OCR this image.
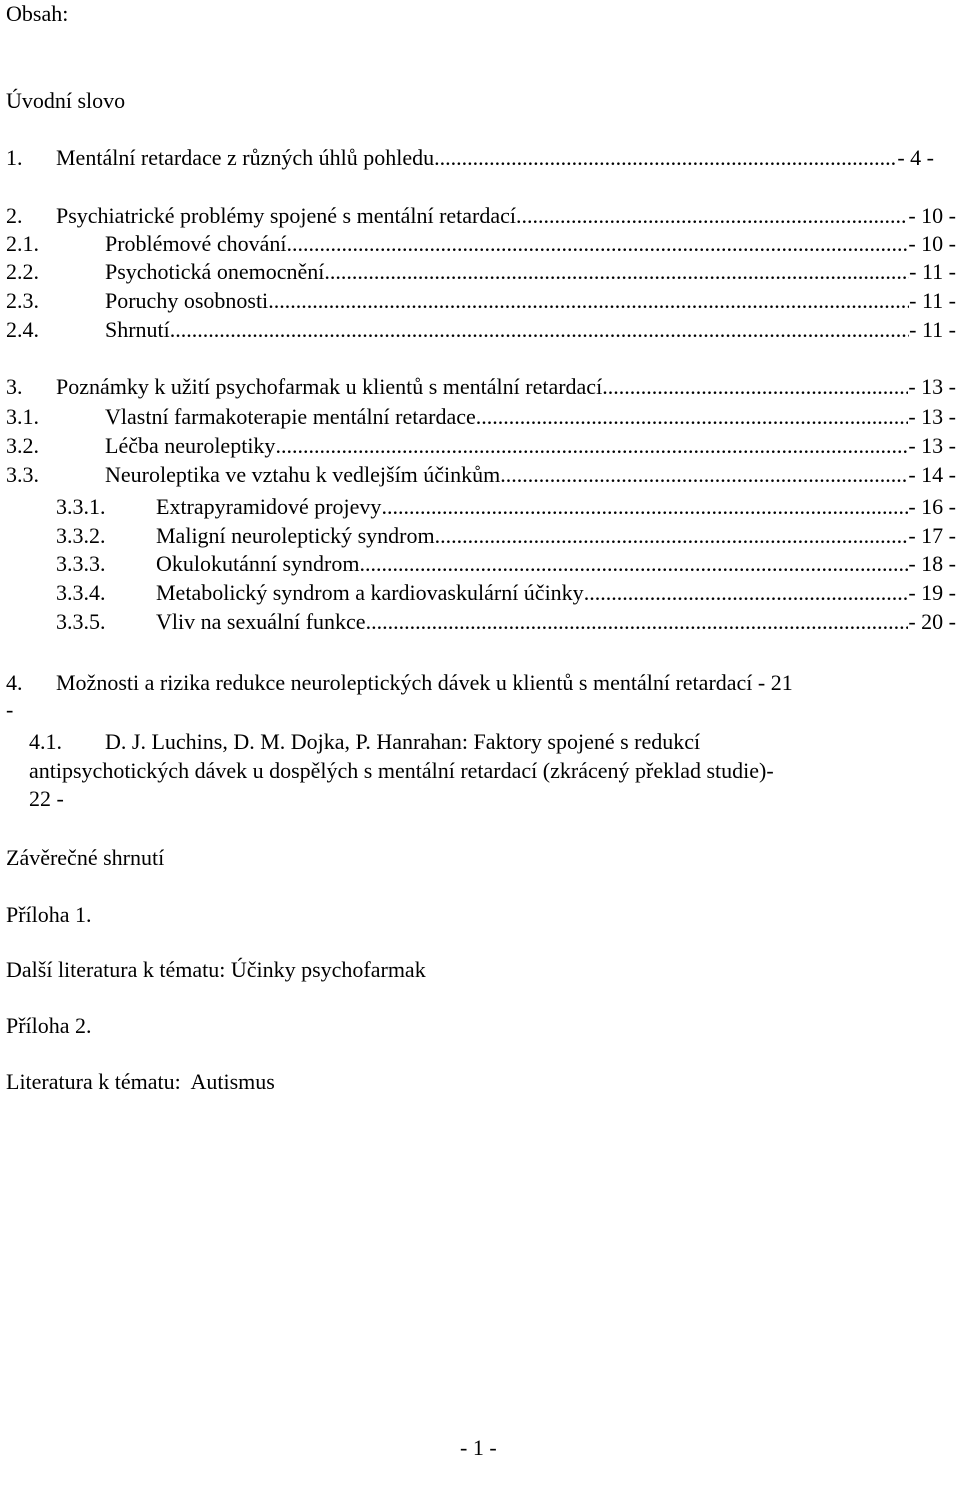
Obsah:
Úvodní slovo
1.	Mentální retardace z různých úhlů pohledu .....	- 4 -
2.	Psychiatrické problémy spojené s mentální retardací .....	- 10 -
2.1.	Problémové chování .....	- 10 -
2.2.	Psychotická onemocnění .....	- 11 -
2.3.	Poruchy osobnosti .....	- 11 -
2.4.	Shrnutí .....	- 11 -
3.	Poznámky k užití psychofarmak u klientů s mentální retardací .....	- 13 -
3.1.	Vlastní farmakoterapie mentální retardace .....	- 13 -
3.2.	Léčba neuroleptiky .....	- 13 -
3.3.	Neuroleptika ve vztahu k vedlejším účinkům .....	- 14 -
3.3.1.	Extrapyramidové projevy .....	- 16 -
3.3.2.	Maligní neuroleptický syndrom .....	- 17 -
3.3.3.	Okulokutánní syndrom .....	- 18 -
3.3.4.	Metabolický syndrom a kardiovaskulární účinky .....	- 19 -
3.3.5.	Vliv na sexuální funkce .....	- 20 -
4. Možnosti a rizika redukce neuroleptických dávek u klientů s mentální retardací - 21
-
4.1. D. J. Luchins, D. M. Dojka, P. Hanrahan: Faktory spojené s redukcí
antipsychotických dávek u dospělých s mentální retardací (zkrácený překlad studie)-
22 -
Závěrečné shrnutí
Příloha 1.
Další literatura k tématu: Účinky psychofarmak
Příloha 2.
Literatura k tématu:  Autismus
- 1 -
